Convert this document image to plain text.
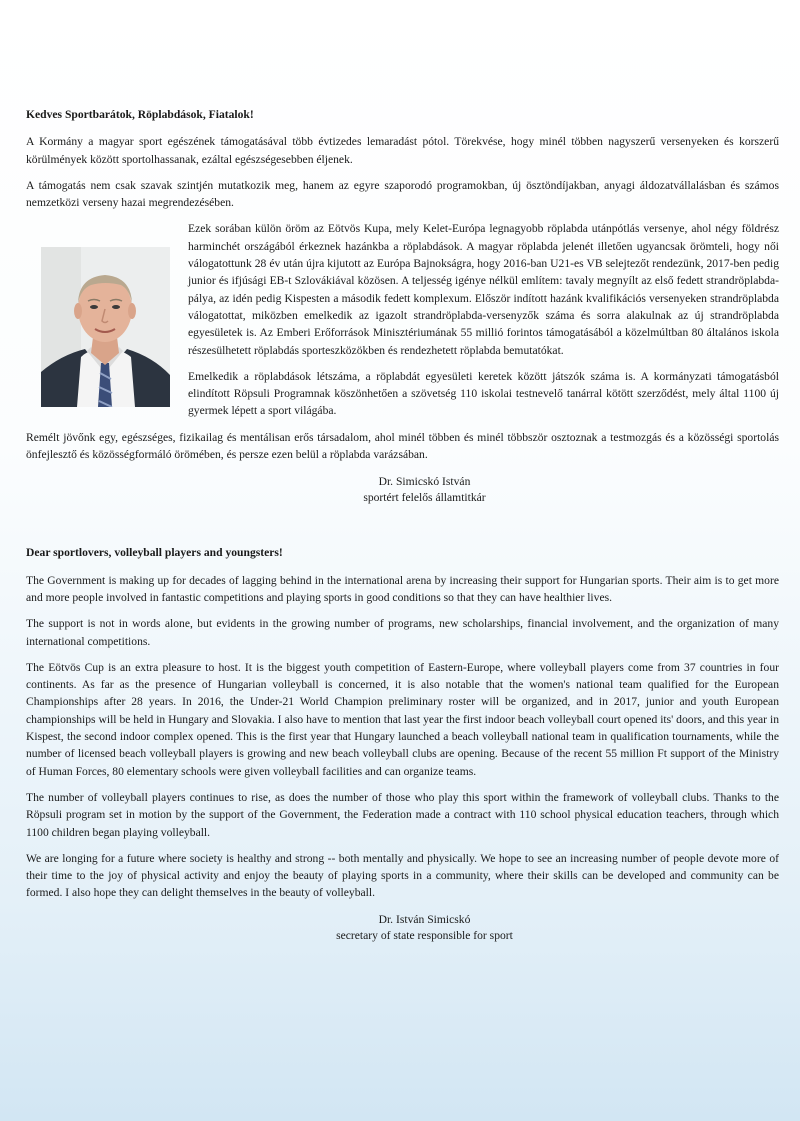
Kedves Sportbarátok, Röplabdások, Fiatalok!

A Kormány a magyar sport egészének támogatásával több évtizedes lemaradást pótol. Törekvése, hogy minél többen nagyszerű versenyeken és korszerű körülmények között sportolhassanak, ezáltal egészségesebben éljenek.

A támogatás nem csak szavak szintjén mutatkozik meg, hanem az egyre szaporodó programokban, új ösztöndíjakban, anyagi áldozatvállalásban és számos nemzetközi verseny hazai megrendezésében.

Ezek sorában külön öröm az Eötvös Kupa, mely Kelet-Európa legnagyobb röplabda utánpótlás versenye, ahol négy földrész harminchét országából érkeznek hazánkba a röplabdások. A magyar röplabda jelenét illetően ugyancsak örömteli, hogy női válogatottunk 28 év után újra kijutott az Európa Bajnokságra, hogy 2016-ban U21-es VB selejtezőt rendezünk, 2017-ben pedig junior és ifjúsági EB-t Szlovákiával közösen. A teljesség igénye nélkül említem: tavaly megnyílt az első fedett strandröplabda-pálya, az idén pedig Kispesten a második fedett komplexum. Először indított hazánk kvalifikációs versenyeken strandröplabda válogatottat, miközben emelkedik az igazolt strandröplabda-versenyzők száma és sorra alakulnak az új strandröplabda egyesületek is. Az Emberi Erőforrások Minisztériumának 55 millió forintos támogatásából a közelmúltban 80 általános iskola részesülhetett röplabdás sporteszközökben és rendezhetett röplabda bemutatókat.

Emelkedik a röplabdások létszáma, a röplabdát egyesületi keretek között játszók száma is. A kormányzati támogatásból elindított Röpsuli Programnak köszönhetően a szövetség 110 iskolai testnevelő tanárral kötött szerződést, mely által 1100 új gyermek lépett a sport világába.

Remélt jövőnk egy, egészséges, fizikailag és mentálisan erős társadalom, ahol minél többen és minél többször osztoznak a testmozgás és a közösségi sportolás önfejlesztő és közösségformáló örömében, és persze ezen belül a röplabda varázsában.

Dr. Simicskó István
sportért felelős államtitkár

Dear sportlovers, volleyball players and youngsters!

The Government is making up for decades of lagging behind in the international arena by increasing their support for Hungarian sports. Their aim is to get more and more people involved in fantastic competitions and playing sports in good conditions so that they can have healthier lives.

The support is not in words alone, but evidents in the growing number of programs, new scholarships, financial involvement, and the organization of many international competitions.

The Eötvös Cup is an extra pleasure to host. It is the biggest youth competition of Eastern-Europe, where volleyball players come from 37 countries in four continents. As far as the presence of Hungarian volleyball is concerned, it is also notable that the women's national team qualified for the European Championships after 28 years. In 2016, the Under-21 World Champion preliminary roster will be organized, and in 2017, junior and youth European championships will be held in Hungary and Slovakia. I also have to mention that last year the first indoor beach volleyball court opened its' doors, and this year in Kispest, the second indoor complex opened. This is the first year that Hungary launched a beach volleyball national team in qualification tournaments, while the number of licensed beach volleyball players is growing and new beach volleyball clubs are opening. Because of the recent 55 million Ft support of the Ministry of Human Forces, 80 elementary schools were given volleyball facilities and can organize teams.

The number of volleyball players continues to rise, as does the number of those who play this sport within the framework of volleyball clubs. Thanks to the Röpsuli program set in motion by the support of the Government, the Federation made a contract with 110 school physical education teachers, through which 1100 children began playing volleyball.

We are longing for a future where society is healthy and strong -- both mentally and physically. We hope to see an increasing number of people devote more of their time to the joy of physical activity and enjoy the beauty of playing sports in a community, where their skills can be developed and community can be formed. I also hope they can delight themselves in the beauty of volleyball.

Dr. István Simicskó
secretary of state responsible for sport
